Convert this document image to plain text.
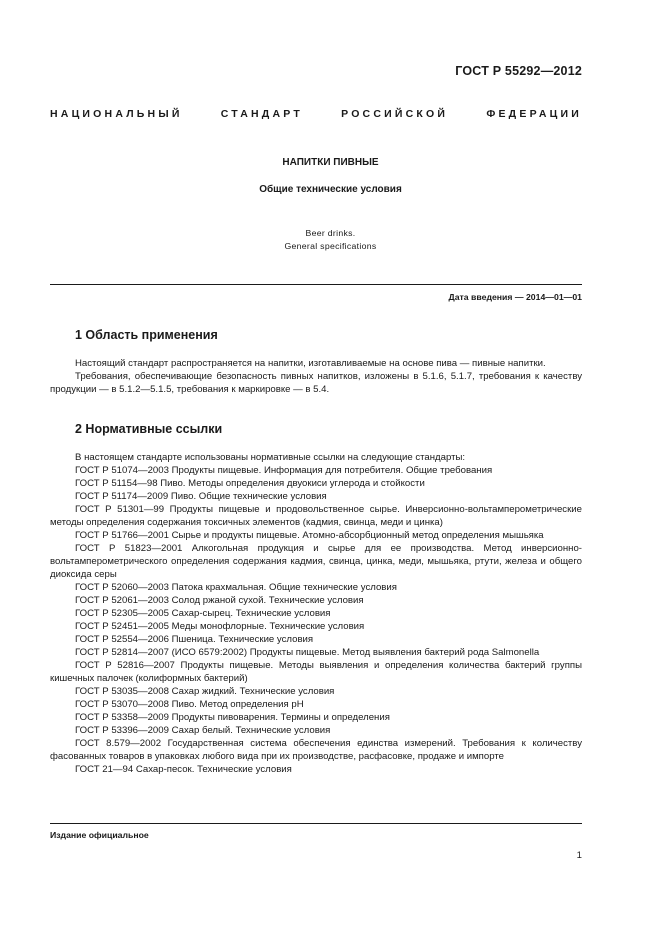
ГОСТ Р 55292—2012
НАЦИОНАЛЬНЫЙ СТАНДАРТ РОССИЙСКОЙ ФЕДЕРАЦИИ
НАПИТКИ ПИВНЫЕ
Общие технические условия
Beer drinks.
General specifications
Дата введения — 2014—01—01
1 Область применения

Настоящий стандарт распространяется на напитки, изготавливаемые на основе пива — пивные напитки.

Требования, обеспечивающие безопасность пивных напитков, изложены в 5.1.6, 5.1.7, требования к качеству продукции — в 5.1.2—5.1.5, требования к маркировке — в 5.4.

2 Нормативные ссылки

В настоящем стандарте использованы нормативные ссылки на следующие стандарты:

ГОСТ Р 51074—2003 Продукты пищевые. Информация для потребителя. Общие требования

ГОСТ Р 51154—98 Пиво. Методы определения двуокиси углерода и стойкости

ГОСТ Р 51174—2009 Пиво. Общие технические условия

ГОСТ Р 51301—99 Продукты пищевые и продовольственное сырье. Инверсионно-вольтамперометрические методы определения содержания токсичных элементов (кадмия, свинца, меди и цинка)

ГОСТ Р 51766—2001 Сырье и продукты пищевые. Атомно-абсорбционный метод определения мышьяка

ГОСТ Р 51823—2001 Алкогольная продукция и сырье для ее производства. Метод инверсионно-вольтамперометрического определения содержания кадмия, свинца, цинка, меди, мышьяка, ртути, железа и общего диоксида серы

ГОСТ Р 52060—2003 Патока крахмальная. Общие технические условия

ГОСТ Р 52061—2003 Солод ржаной сухой. Технические условия

ГОСТ Р 52305—2005 Сахар-сырец. Технические условия

ГОСТ Р 52451—2005 Меды монофлорные. Технические условия

ГОСТ Р 52554—2006 Пшеница. Технические условия

ГОСТ Р 52814—2007 (ИСО 6579:2002) Продукты пищевые. Метод выявления бактерий рода Salmonella

ГОСТ Р 52816—2007 Продукты пищевые. Методы выявления и определения количества бактерий группы кишечных палочек (колиформных бактерий)

ГОСТ Р 53035—2008 Сахар жидкий. Технические условия

ГОСТ Р 53070—2008 Пиво. Метод определения pH

ГОСТ Р 53358—2009 Продукты пивоварения. Термины и определения

ГОСТ Р 53396—2009 Сахар белый. Технические условия

ГОСТ 8.579—2002 Государственная система обеспечения единства измерений. Требования к количеству фасованных товаров в упаковках любого вида при их производстве, расфасовке, продаже и импорте

ГОСТ 21—94 Сахар-песок. Технические условия

Издание официальное
1
